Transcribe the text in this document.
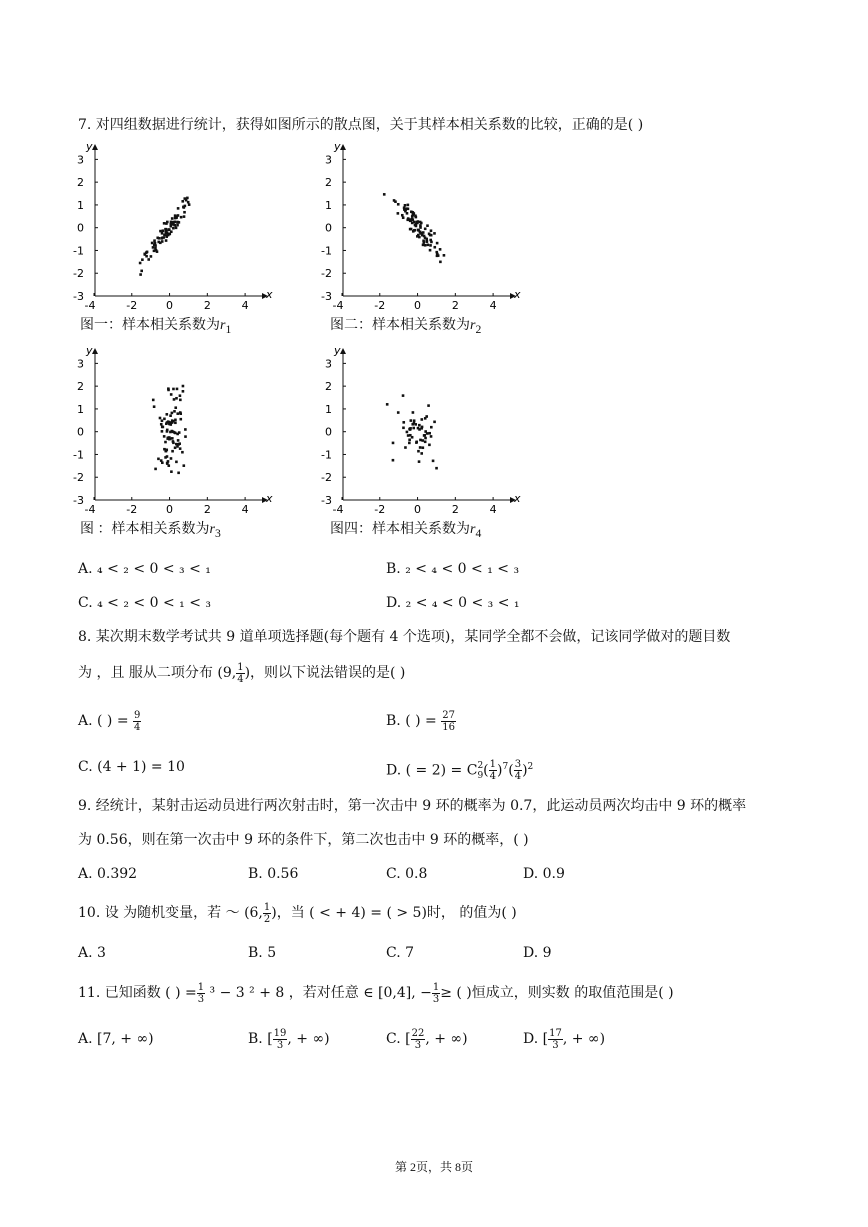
7. 对四组数据进行统计，获得如图所示的散点图，关于其样本相关系数的比较，正确的是( )
y
x
3
2
1
0
-1
-2
-3
-4	-2	0	2	4
y
x
3
2
1
0
-1
-2
-3
-4	-2	0	2	4
y
x
3
2
1
0
-1
-2
-3
-4	-2	0	2	4
y
x
3
2
1
0
-1
-2
-3
-4	-2	0	2	4
图一：样本相关系数为$r_1$	图二：样本相关系数为$r_2$
图 ：样本相关系数为$r_3$	图四：样本相关系数为$r_4$
A. ₄ < ₂ < 0 < ₃ < ₁	B. ₂ < ₄ < 0 < ₁ < ₃
C. ₄ < ₂ < 0 < ₁ < ₃	D. ₂ < ₄ < 0 < ₃ < ₁
8. 某次期末数学考试共 9 道单项选择题(每个题有 4 个选项)，某同学全都不会做，记该同学做对的题目数
为 ，且 服从二项分布 (9, $\frac{1}{4}$ )，则以下说法错误的是( )
A. ( ) = $\frac{9}{4}$	B. ( ) = $\frac{27}{16}$
C. (4 + 1) = 10	D. ( = 2) = C 2
9 ( $\frac{1}{4} )^7( \frac{3}{4} )^2$
9. 经统计，某射击运动员进行两次射击时，第一次击中 9 环的概率为 0.7，此运动员两次均击中 9 环的概率
为 0.56，则在第一次击中 9 环的条件下，第二次也击中 9 环的概率，( )
A. 0.392	B. 0.56	C. 0.8	D. 0.9
10. 设 为随机变量，若 ～ (6, $\frac{1}{2}$ )，当 ( < + 4) = ( > 5)时， 的值为( )
A. 3	B. 5	C. 7	D. 9
11. 已知函数 ( ) = $\frac{1}{3} ^3 - 3$ ² + 8 ，若对任意 ∈ [0,4], − $\frac{1}{3}$ ≥ ( )恒成立，则实数 的取值范围是( )
A. [7, + ∞)	B. [ $\frac{19}{3}$ , + ∞)	C. [ $\frac{22}{3}$ , + ∞)	D. [ $\frac{17}{3}$ , + ∞)
第 2页，共 8页
